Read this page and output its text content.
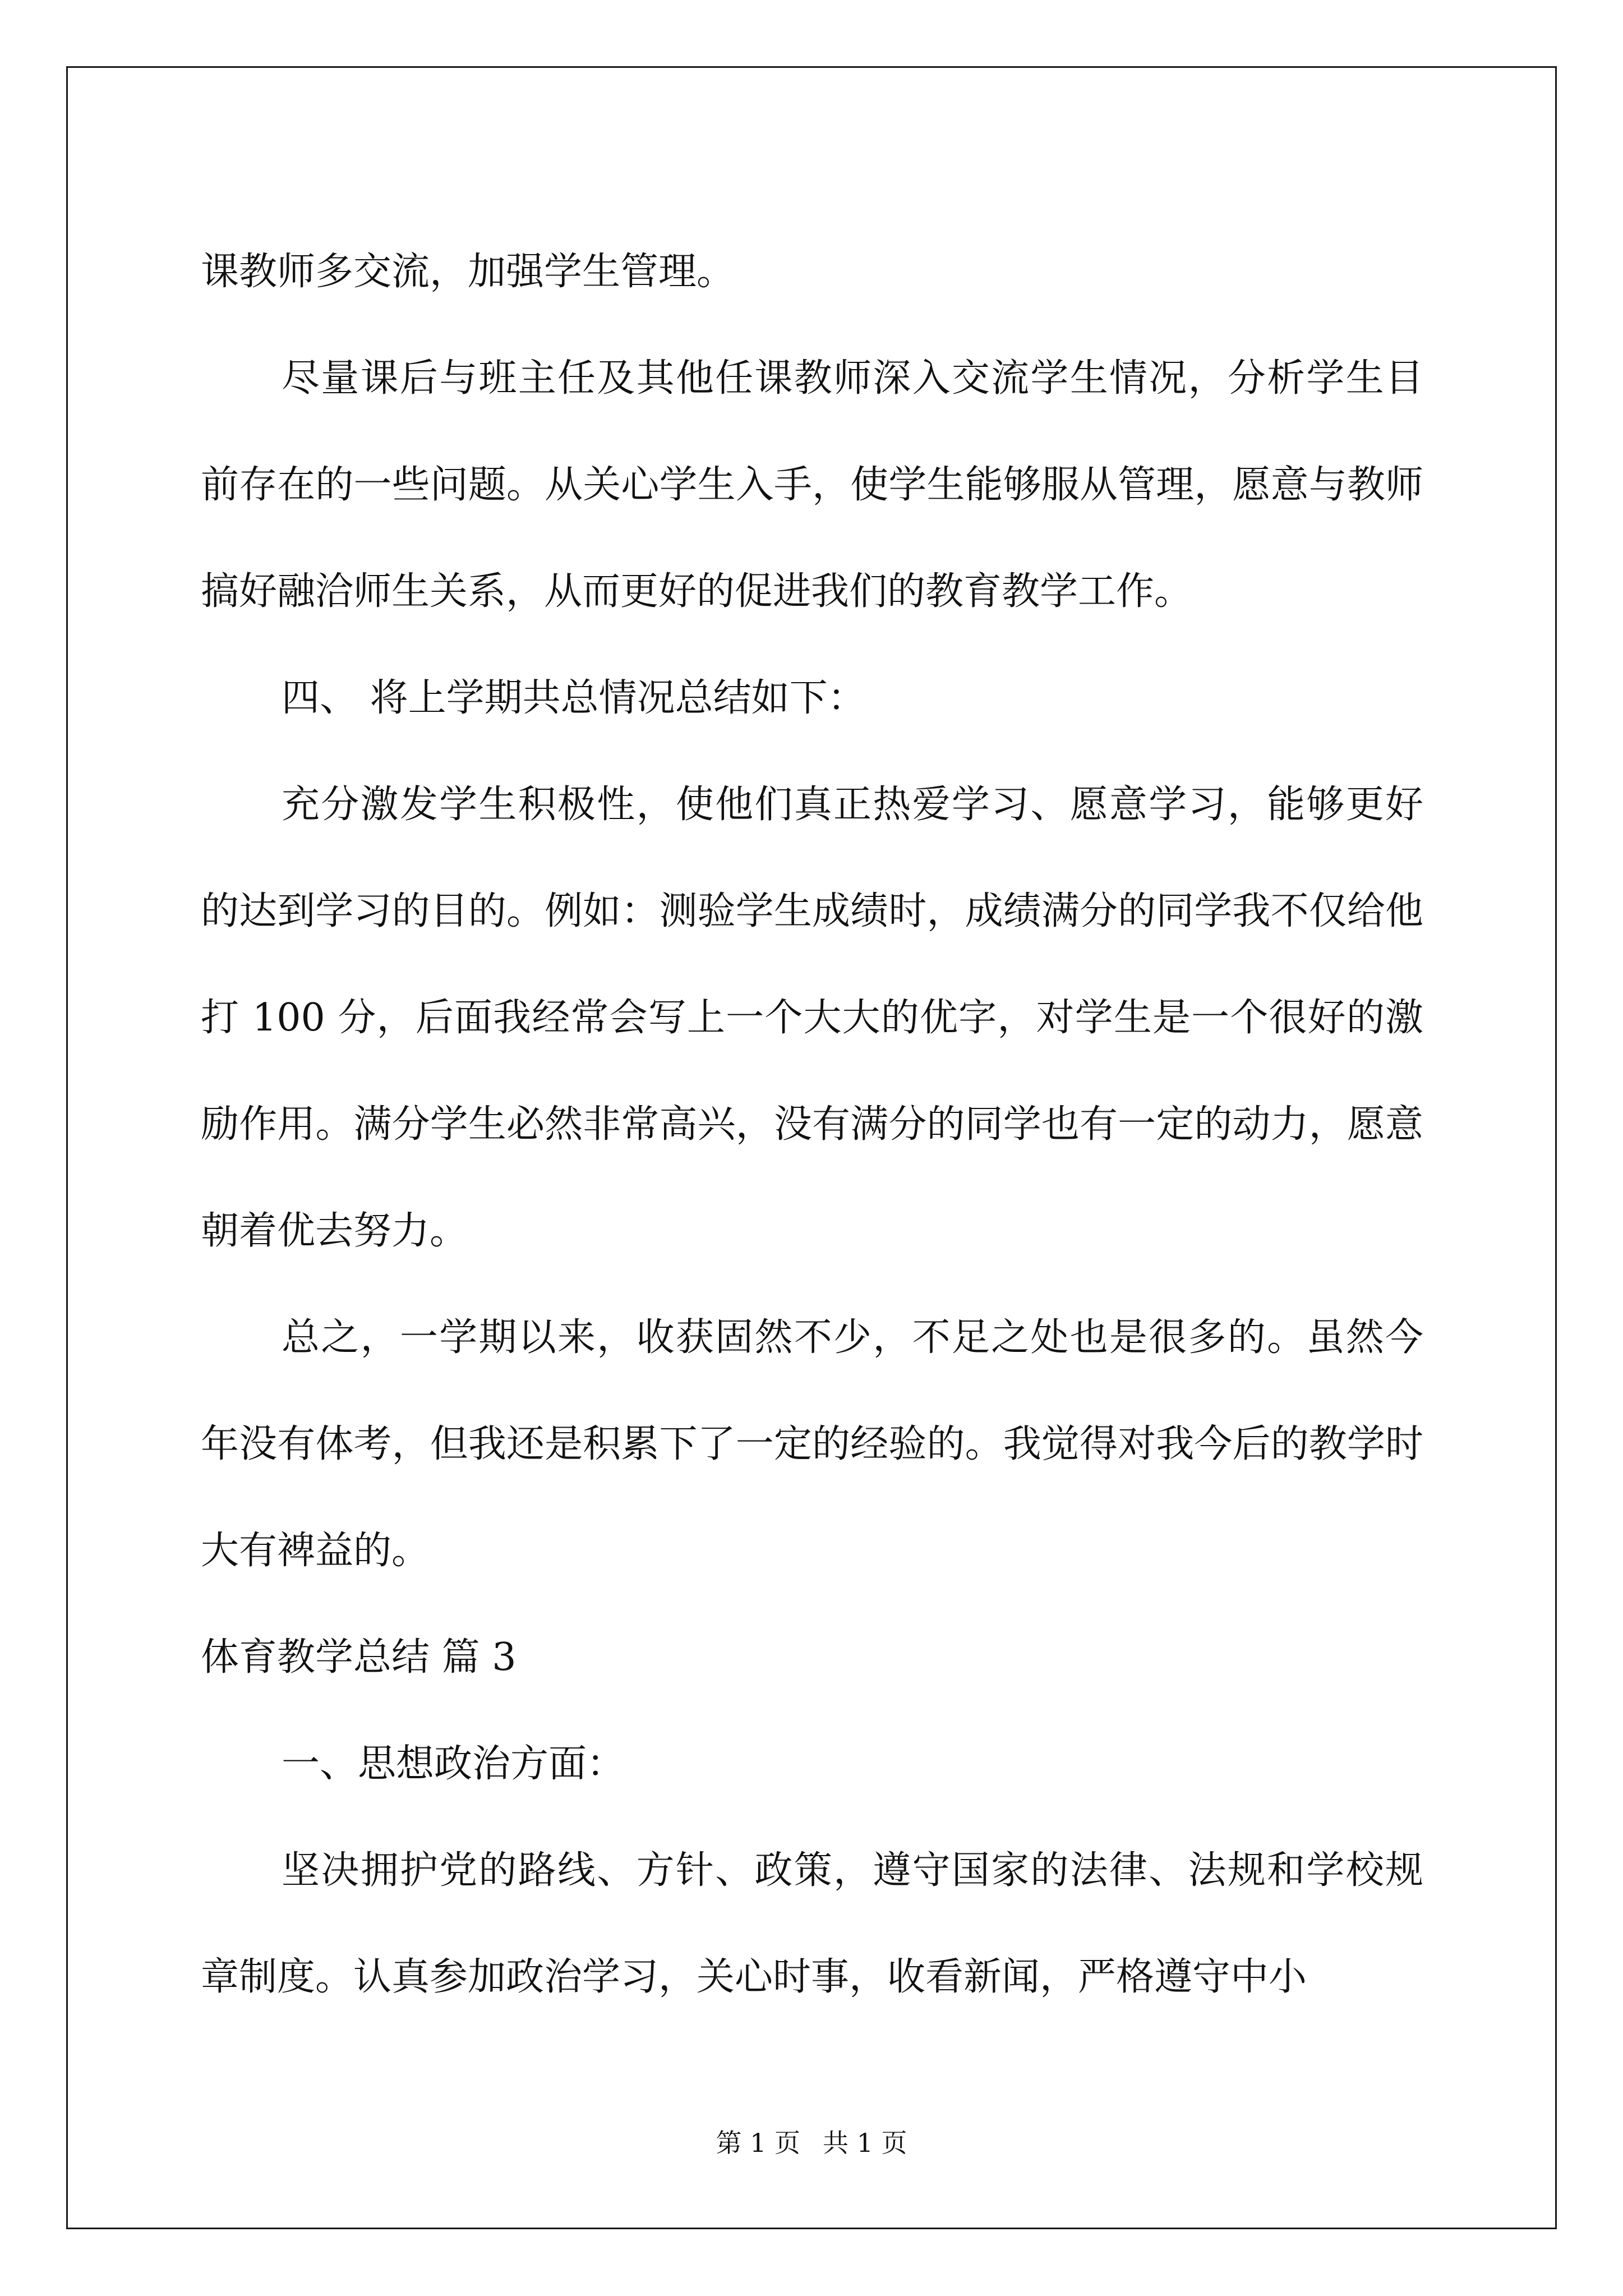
课教师多交流，加强学生管理。

尽量课后与班主任及其他任课教师深入交流学生情况，分析学生目前存在的一些问题。从关心学生入手，使学生能够服从管理，愿意与教师搞好融洽师生关系，从而更好的促进我们的教育教学工作。

四、 将上学期共总情况总结如下：

充分激发学生积极性，使他们真正热爱学习、愿意学习，能够更好的达到学习的目的。例如：测验学生成绩时，成绩满分的同学我不仅给他打 100 分，后面我经常会写上一个大大的优字，对学生是一个很好的激励作用。满分学生必然非常高兴，没有满分的同学也有一定的动力，愿意朝着优去努力。

总之，一学期以来，收获固然不少，不足之处也是很多的。虽然今年没有体考，但我还是积累下了一定的经验的。我觉得对我今后的教学时大有裨益的。

体育教学总结 篇 3

一、思想政治方面：

坚决拥护党的路线、方针、政策，遵守国家的法律、法规和学校规章制度。认真参加政治学习，关心时事，收看新闻，严格遵守中小

第 1 页 共 1 页
